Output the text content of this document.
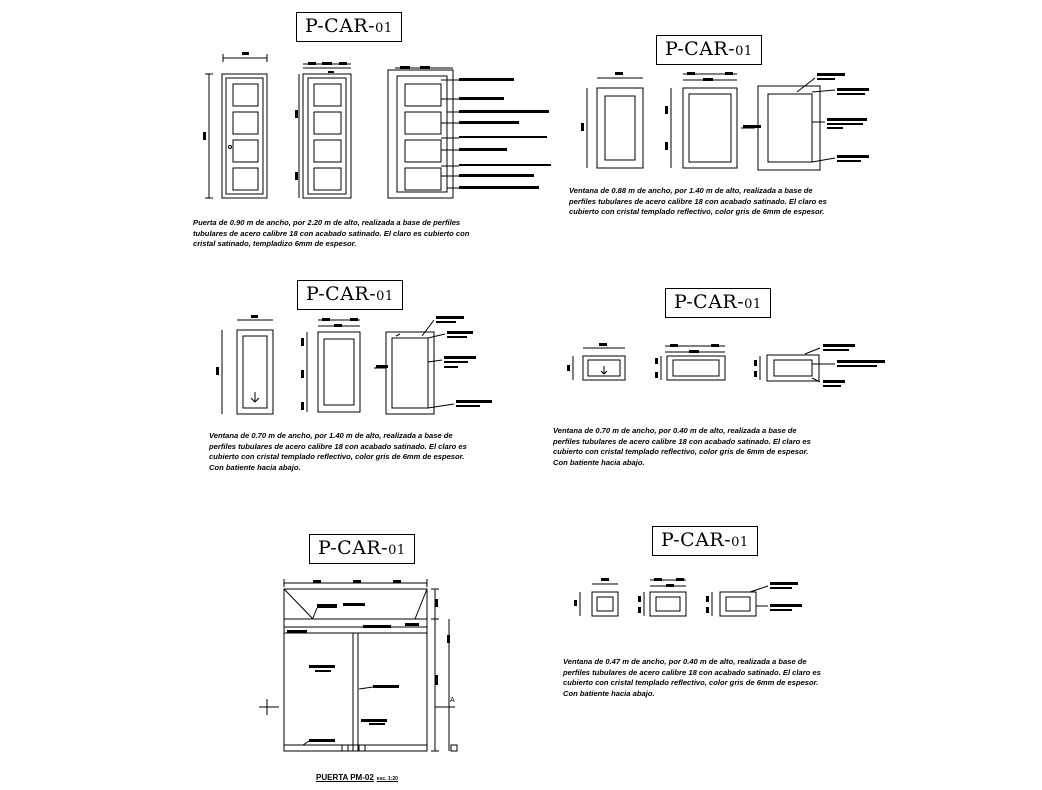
P-CAR-01
Puerta de 0.90 m de ancho, por 2.20 m de alto, realizada a base de perfiles
tubulares de acero calibre 18 con acabado satinado. El claro es cubierto con
cristal satinado, templadizo 6mm de espesor.
P-CAR-01
Ventana de 0.88 m de ancho, por 1.40 m de alto, realizada a base de
perfiles tubulares de acero calibre 18 con acabado satinado. El claro es
cubierto con cristal templado reflectivo, color gris de 6mm de espesor.
P-CAR-01
Ventana de 0.70 m de ancho, por 1.40 m de alto, realizada a base de
perfiles tubulares de acero calibre 18 con acabado satinado. El claro es
cubierto con cristal templado reflectivo, color gris de 6mm de espesor.
Con batiente hacia abajo.
P-CAR-01
Ventana de 0.70 m de ancho, por 0.40 m de alto, realizada a base de
perfiles tubulares de acero calibre 18 con acabado satinado. El claro es
cubierto con cristal templado reflectivo, color gris de 6mm de espesor.
Con batiente hacia abajo.
P-CAR-01
A
PUERTA PM-02 esc. 1:20
P-CAR-01
Ventana de 0.47 m de ancho, por 0.40 m de alto, realizada a base de
perfiles tubulares de acero calibre 18 con acabado satinado. El claro es
cubierto con cristal templado reflectivo, color gris de 6mm de espesor.
Con batiente hacia abajo.
